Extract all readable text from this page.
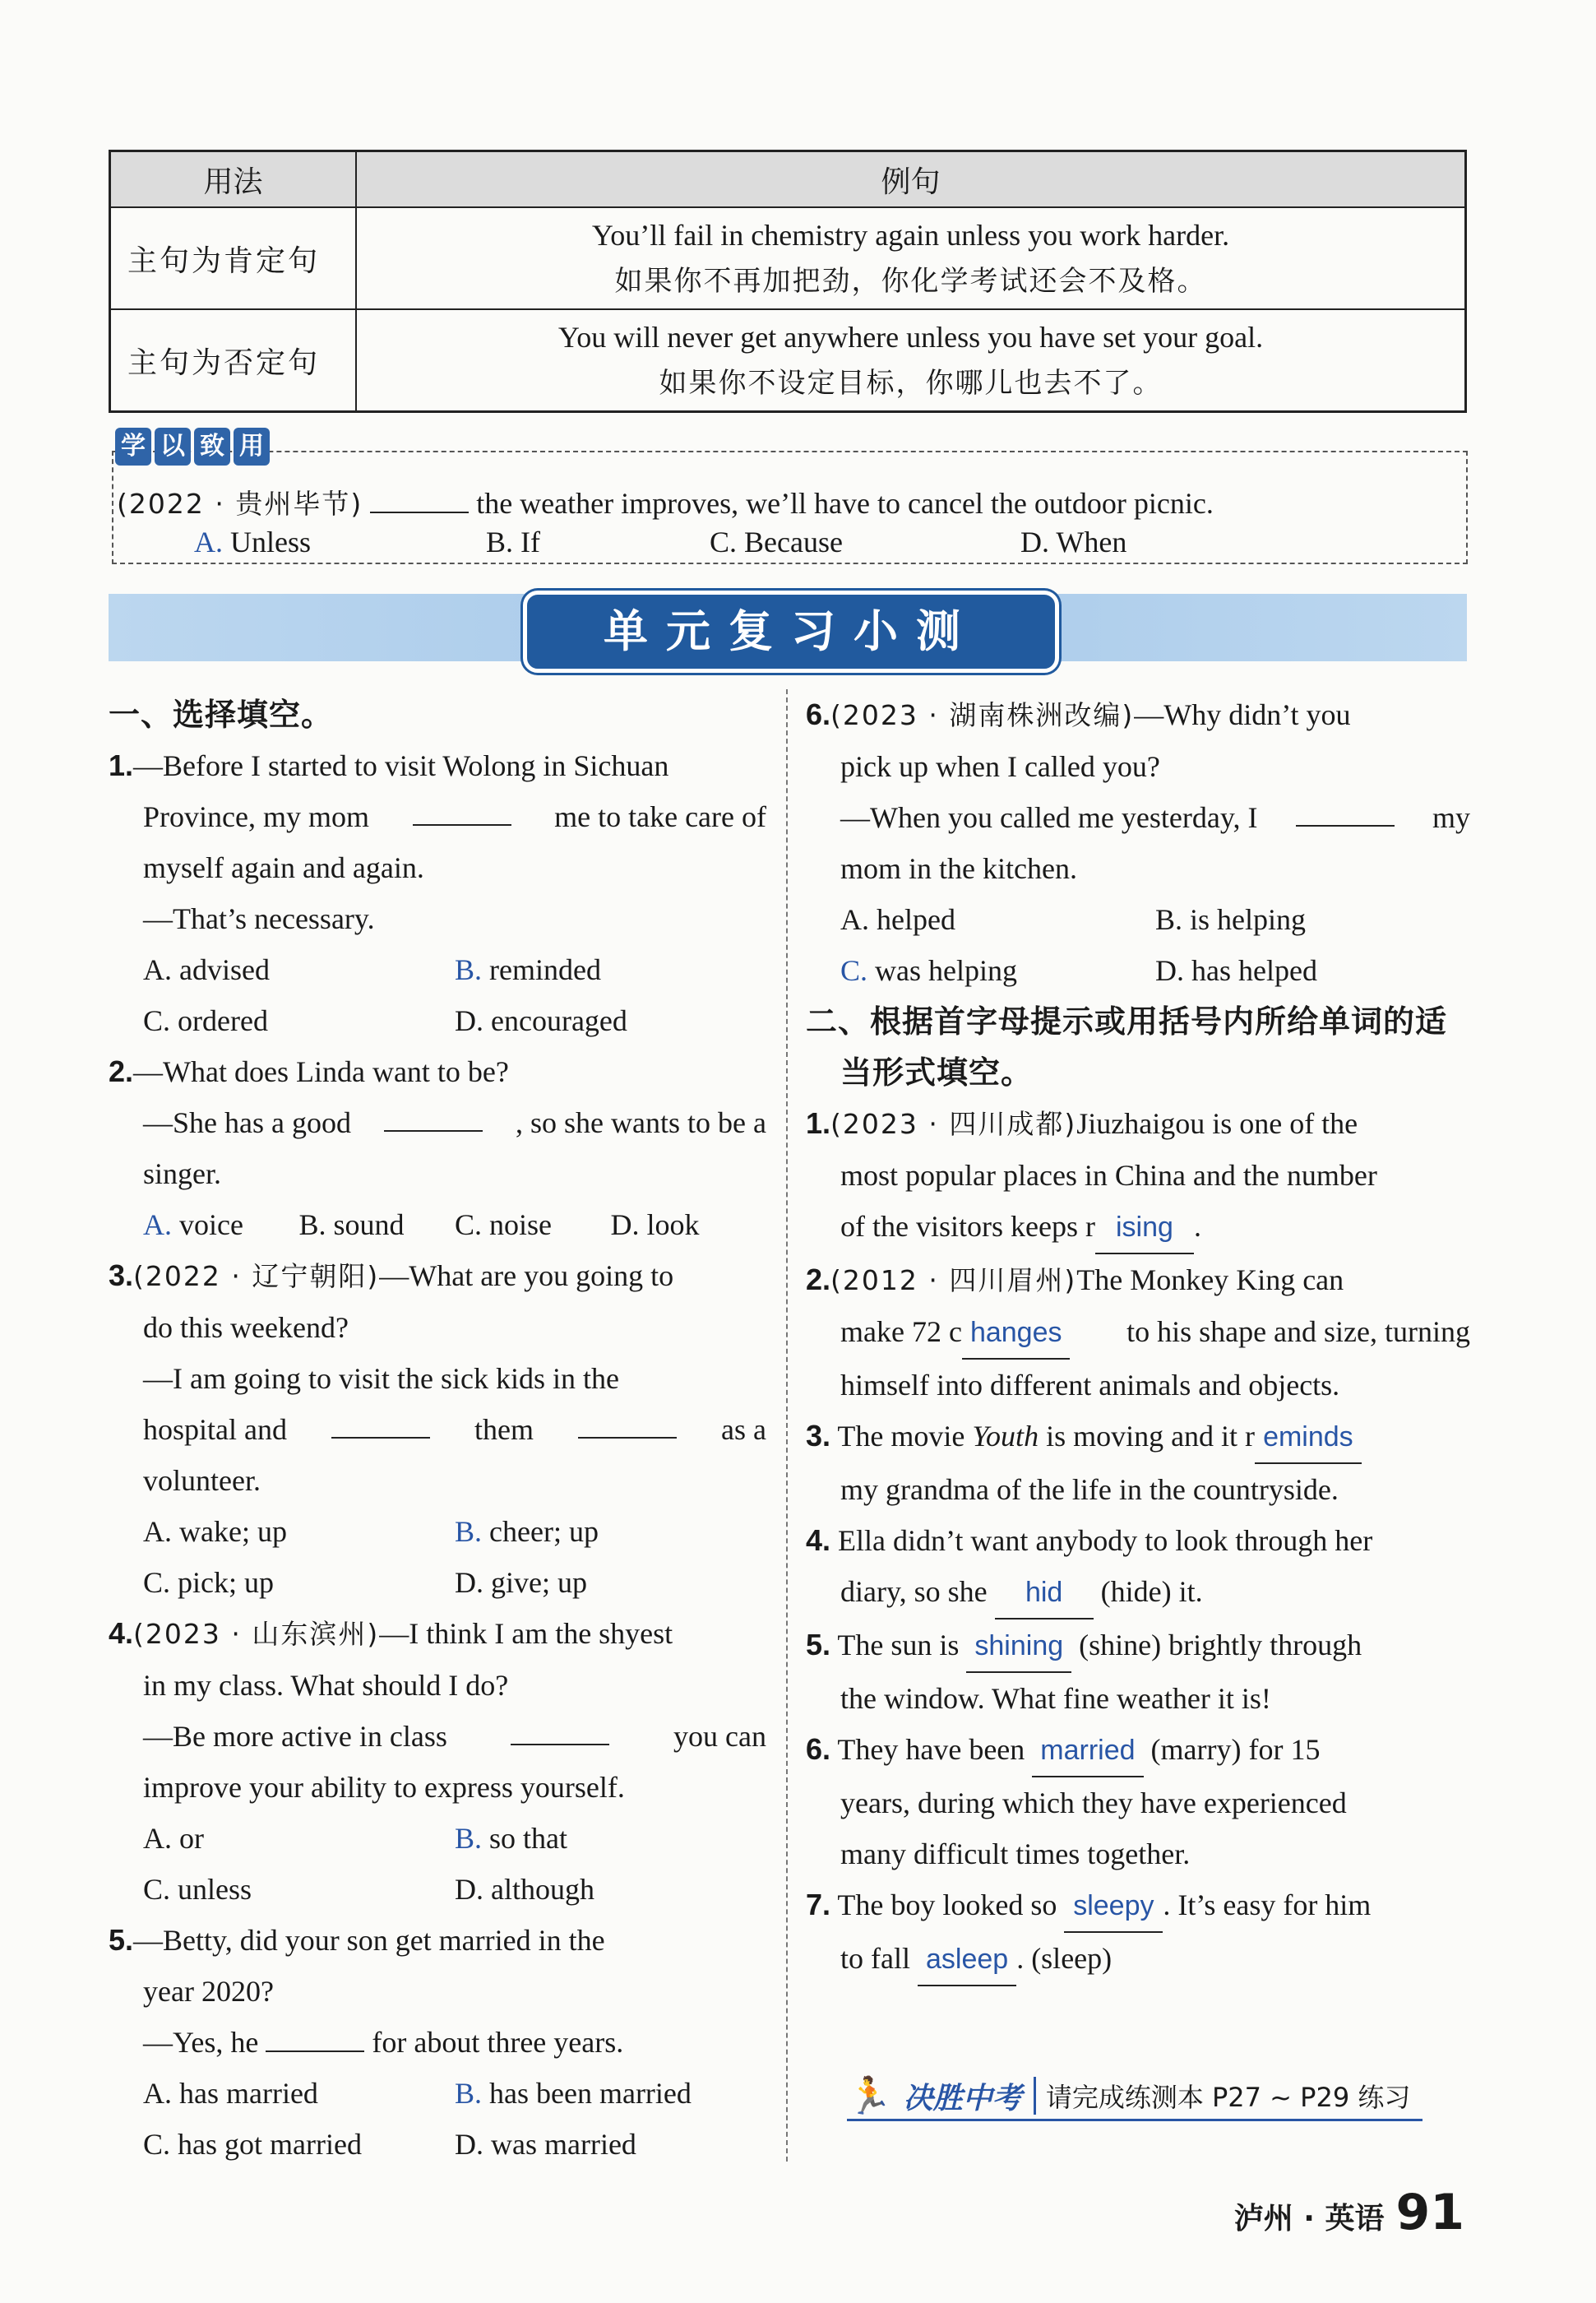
用法	例句
主句为肯定句	You’ll fail in chemistry again unless you work harder.
如果你不再加把劲，你化学考试还会不及格。

主句为否定句	You will never get anywhere unless you have set your goal.
如果你不设定目标，你哪儿也去不了。
学 以 致 用
(2022 · 贵州毕节)	the weather improves, we’ll have to cancel the outdoor picnic.
A. Unless	B. If	C. Because	D. When
单元复习小测
一、选择填空。
1.—Before I started to visit Wolong in Sichuan
Province, my mom	me to take care of
myself again and again.
—That’s necessary.
A. advised	B. reminded
C. ordered	D. encouraged
2.—What does Linda want to be?
—She has a good	, so she wants to be a
singer.
A. voice	B. sound	C. noise	D. look
3.(2022 · 辽宁朝阳)—What are you going to
do this weekend?
—I am going to visit the sick kids in the
hospital and	them	as a
volunteer.
A. wake; up	B. cheer; up
C. pick; up	D. give; up
4.(2023 · 山东滨州)—I think I am the shyest
in my class. What should I do?
—Be more active in class	you can
improve your ability to express yourself.
A. or	B. so that
C. unless	D. although
5.—Betty, did your son get married in the
year 2020?
—Yes, he	for about three years.
A. has married	B. has been married
C. has got married	D. was married
6.(2023 · 湖南株洲改编)—Why didn’t you
pick up when I called you?
—When you called me yesterday, I	my
mom in the kitchen.
A. helped	B. is helping
C. was helping	D. has helped
二、根据首字母提示或用括号内所给单词的适
当形式填空。
1.(2023 · 四川成都)Jiuzhaigou is one of the
most popular places in China and the number
of the visitors keeps r ising .
2.(2012 · 四川眉州)The Monkey King can
make 72 c hanges to his shape and size, turning
himself into different animals and objects.
3. The movie Youth is moving and it r eminds
my grandma of the life in the countryside.
4. Ella didn’t want anybody to look through her
diary, so she hid (hide) it.
5. The sun is shining (shine) brightly through
the window. What fine weather it is!
6. They have been married (marry) for 15
years, during which they have experienced
many difficult times together.
7. The boy looked so sleepy . It’s easy for him
to fall asleep . (sleep)
🏃 决胜中考 请完成练测本 P27 ~ P29 练习
泸州 · 英语 91
